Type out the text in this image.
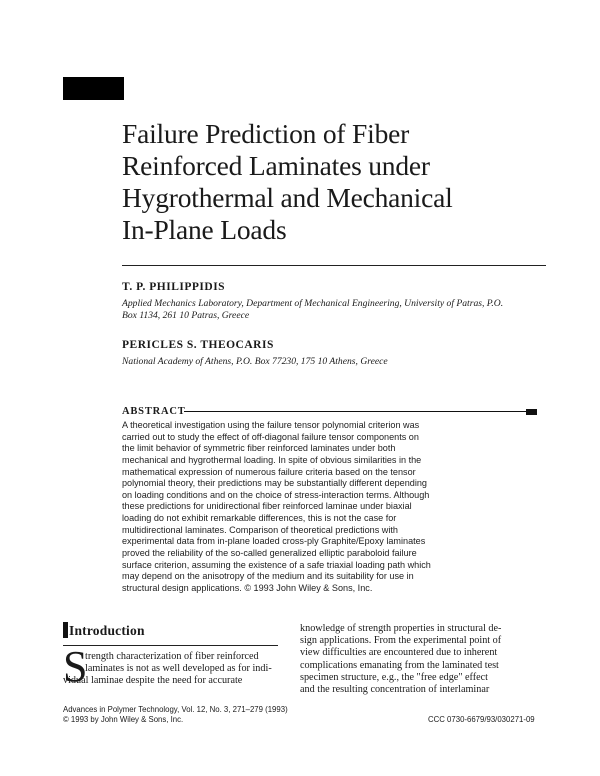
Failure Prediction of Fiber
Reinforced Laminates under
Hygrothermal and Mechanical
In-Plane Loads

T. P. PHILIPPIDIS

Applied Mechanics Laboratory, Department of Mechanical Engineering, University of Patras, P.O.
Box 1134, 261 10 Patras, Greece

PERICLES S. THEOCARIS

National Academy of Athens, P.O. Box 77230, 175 10 Athens, Greece

ABSTRACT

A theoretical investigation using the failure tensor polynomial criterion was
carried out to study the effect of off-diagonal failure tensor components on
the limit behavior of symmetric fiber reinforced laminates under both
mechanical and hygrothermal loading. In spite of obvious similarities in the
mathematical expression of numerous failure criteria based on the tensor
polynomial theory, their predictions may be substantially different depending
on loading conditions and on the choice of stress-interaction terms. Although
these predictions for unidirectional fiber reinforced laminae under biaxial
loading do not exhibit remarkable differences, this is not the case for
multidirectional laminates. Comparison of theoretical predictions with
experimental data from in-plane loaded cross-ply Graphite/Epoxy laminates
proved the reliability of the so-called generalized elliptic paraboloid failure
surface criterion, assuming the existence of a safe triaxial loading path which
may depend on the anisotropy of the medium and its suitability for use in
structural design applications. © 1993 John Wiley & Sons, Inc.

Introduction
S
trength characterization of fiber reinforced
laminates is not as well developed as for indi-
vidual laminae despite the need for accurate
knowledge of strength properties in structural de-
sign applications. From the experimental point of
view difficulties are encountered due to inherent
complications emanating from the laminated test
specimen structure, e.g., the "free edge" effect
and the resulting concentration of interlaminar

Advances in Polymer Technology, Vol. 12, No. 3, 271–279 (1993)
© 1993 by John Wiley & Sons, Inc.	CCC 0730-6679/93/030271-09
